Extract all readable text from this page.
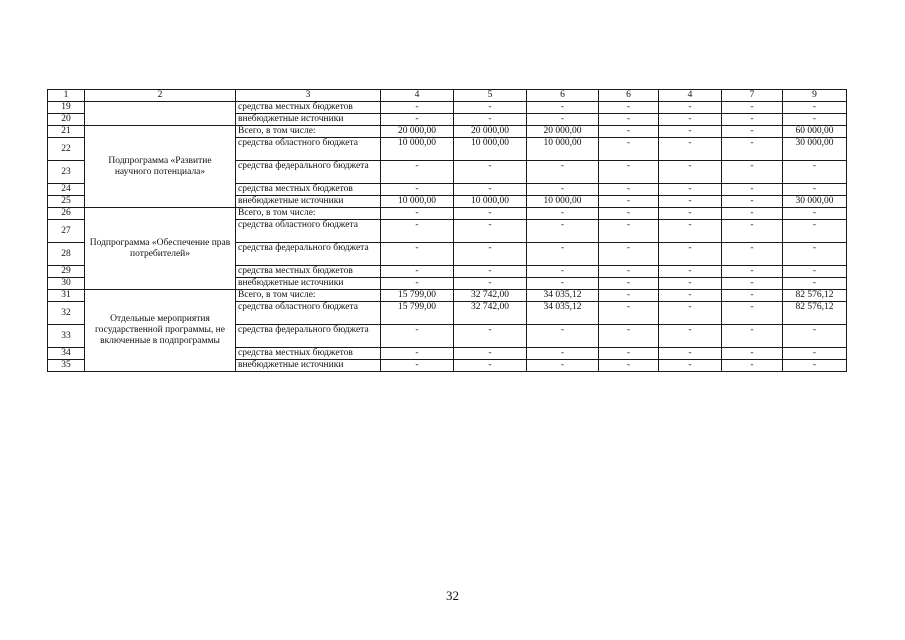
1	2	3	4	5	6	6	4	7	9
19		средства местных бюджетов	-	-	-	-	-	-	-
20		внебюджетные источники	-	-	-	-	-	-	-
21	Подпрограмма «Развитие научного потенциала»	Всего, в том числе:	20 000,00	20 000,00	20 000,00	-	-	-	60 000,00
22		средства областного бюджета	10 000,00	10 000,00	10 000,00	-	-	-	30 000,00
23		средства федерального бюджета	-	-	-	-	-	-	-
24		средства местных бюджетов	-	-	-	-	-	-	-
25		внебюджетные источники	10 000,00	10 000,00	10 000,00	-	-	-	30 000,00
26	Подпрограмма «Обеспечение прав потребителей»	Всего, в том числе:	-	-	-	-	-	-	-
27		средства областного бюджета	-	-	-	-	-	-	-
28		средства федерального бюджета	-	-	-	-	-	-	-
29		средства местных бюджетов	-	-	-	-	-	-	-
30		внебюджетные источники	-	-	-	-	-	-	-
31	Отдельные мероприятия государственной программы, не включенные в подпрограммы	Всего, в том числе:	15 799,00	32 742,00	34 035,12	-	-	-	82 576,12
32		средства областного бюджета	15 799,00	32 742,00	34 035,12	-	-	-	82 576,12
33		средства федерального бюджета	-	-	-	-	-	-	-
34		средства местных бюджетов	-	-	-	-	-	-	-
35		внебюджетные источники	-	-	-	-	-	-	-
32
